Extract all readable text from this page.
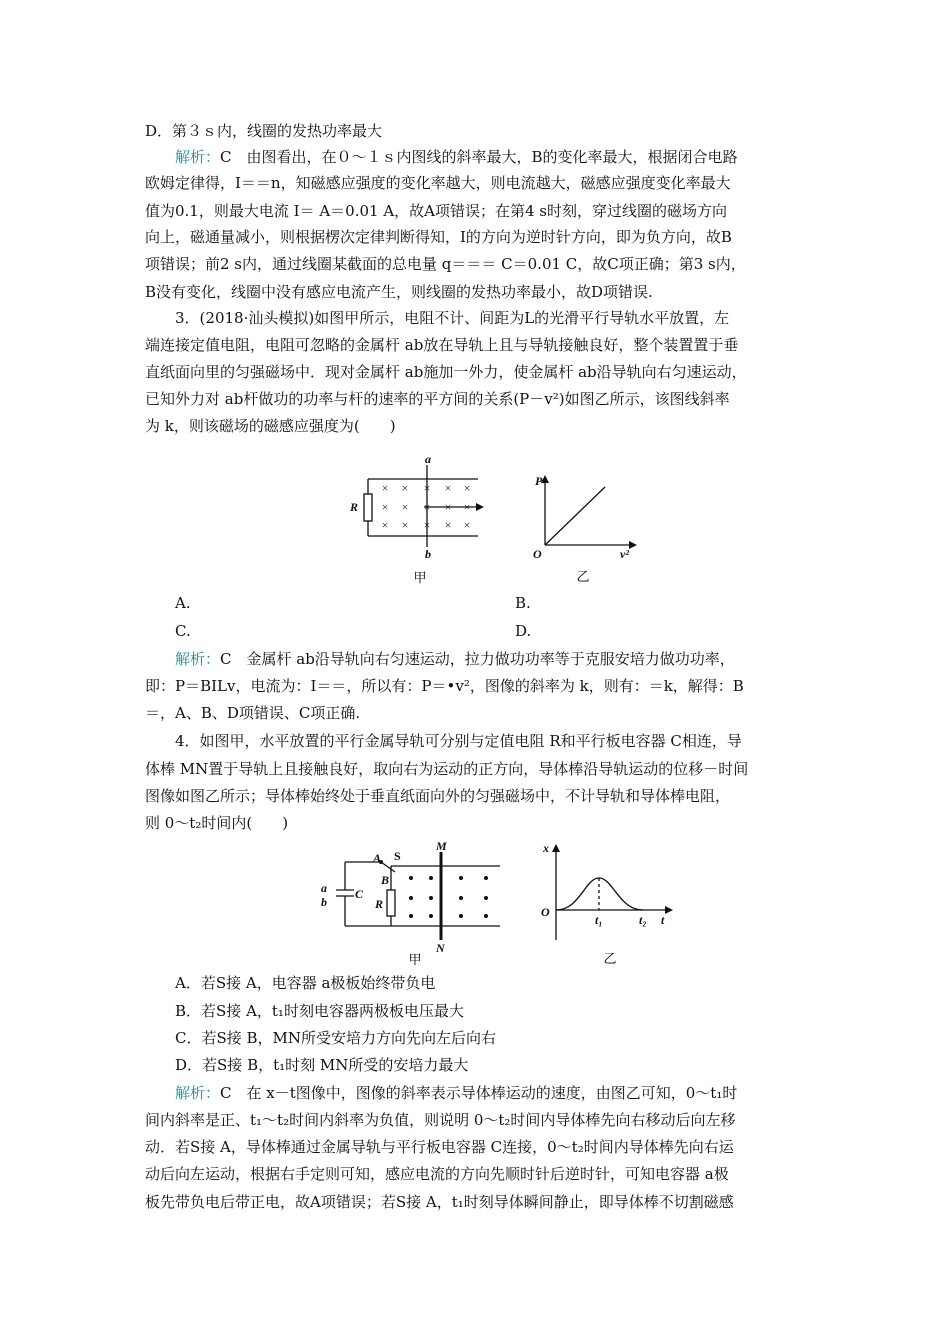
D．第３ｓ内，线圈的发热功率最大
解析：C　由图看出，在０～１ｓ内图线的斜率最大，B的变化率最大，根据闭合电路
欧姆定律得，I＝＝n，知磁感应强度的变化率越大，则电流越大，磁感应强度变化率最大
值为0.1，则最大电流 I＝ A＝0.01 A，故A项错误；在第4 s时刻，穿过线圈的磁场方向
向上，磁通量减小，则根据楞次定律判断得知，I的方向为逆时针方向，即为负方向，故B
项错误；前2 s内，通过线圈某截面的总电量 q＝＝＝ C＝0.01 C，故C项正确；第3 s内，
B没有变化，线圈中没有感应电流产生，则线圈的发热功率最小，故D项错误.
3．(2018·汕头模拟)如图甲所示，电阻不计、间距为L的光滑平行导轨水平放置，左
端连接定值电阻，电阻可忽略的金属杆 ab放在导轨上且与导轨接触良好，整个装置置于垂
直纸面向里的匀强磁场中．现对金属杆 ab施加一外力，使金属杆 ab沿导轨向右匀速运动，
已知外力对 ab杆做功的功率与杆的速率的平方间的关系(P－v²)如图乙所示，该图线斜率
为 k，则该磁场的磁感应强度为(　　)
× × × × ×
× × × × ×
× × × × ×
a
b
R
甲
P
O	v²
乙
A.	B.
C.	D.
解析：C　金属杆 ab沿导轨向右匀速运动，拉力做功功率等于克服安培力做功功率，
即：P＝BILv，电流为：I＝＝，所以有：P＝•v²，图像的斜率为 k，则有：＝k，解得：B
＝，A、B、D项错误、C项正确.
4．如图甲，水平放置的平行金属导轨可分别与定值电阻 R和平行板电容器 C相连，导
体棒 MN置于导轨上且接触良好，取向右为运动的正方向，导体棒沿导轨运动的位移－时间
图像如图乙所示；导体棒始终处于垂直纸面向外的匀强磁场中，不计导轨和导体棒电阻，
则 0～t₂时间内(　　)
A S
B
M
N
a
b
C
R
甲
x
O
t₁	t₂ t
乙
A．若S接 A，电容器 a极板始终带负电
B．若S接 A，t₁时刻电容器两极板电压最大
C．若S接 B，MN所受安培力方向先向左后向右
D．若S接 B，t₁时刻 MN所受的安培力最大
解析：C　在 x－t图像中，图像的斜率表示导体棒运动的速度，由图乙可知，0～t₁时
间内斜率是正、t₁～t₂时间内斜率为负值，则说明 0～t₂时间内导体棒先向右移动后向左移
动．若S接 A，导体棒通过金属导轨与平行板电容器 C连接，0～t₂时间内导体棒先向右运
动后向左运动，根据右手定则可知，感应电流的方向先顺时针后逆时针，可知电容器 a极
板先带负电后带正电，故A项错误；若S接 A，t₁时刻导体瞬间静止，即导体棒不切割磁感
